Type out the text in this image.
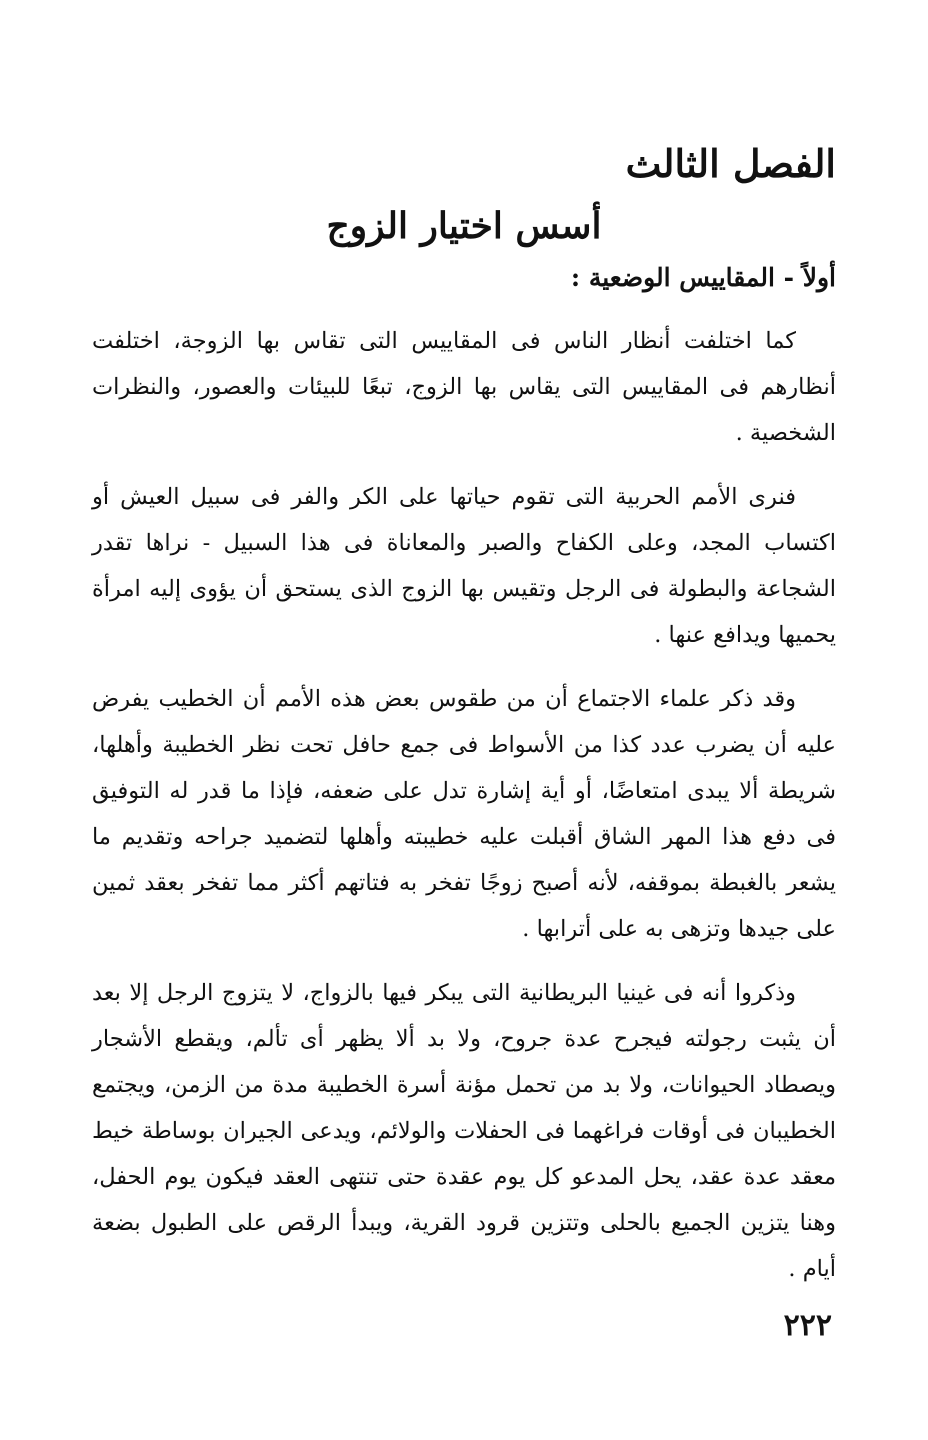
الفصل الثالث
أسس اختيار الزوج
أولاً - المقاييس الوضعية :

كما اختلفت أنظار الناس فى المقاييس التى تقاس بها الزوجة، اختلفت أنظارهم فى المقاييس التى يقاس بها الزوج، تبعًا للبيئات والعصور، والنظرات الشخصية .

فنرى الأمم الحربية التى تقوم حياتها على الكر والفر فى سبيل العيش أو اكتساب المجد، وعلى الكفاح والصبر والمعاناة فى هذا السبيل - نراها تقدر الشجاعة والبطولة فى الرجل وتقيس بها الزوج الذى يستحق أن يؤوى إليه امرأة يحميها ويدافع عنها .

وقد ذكر علماء الاجتماع أن من طقوس بعض هذه الأمم أن الخطيب يفرض عليه أن يضرب عدد كذا من الأسواط فى جمع حافل تحت نظر الخطيبة وأهلها، شريطة ألا يبدى امتعاضًا، أو أية إشارة تدل على ضعفه، فإذا ما قدر له التوفيق فى دفع هذا المهر الشاق أقبلت عليه خطيبته وأهلها لتضميد جراحه وتقديم ما يشعر بالغبطة بموقفه، لأنه أصبح زوجًا تفخر به فتاتهم أكثر مما تفخر بعقد ثمين على جيدها وتزهى به على أترابها .

وذكروا أنه فى غينيا البريطانية التى يبكر فيها بالزواج، لا يتزوج الرجل إلا بعد أن يثبت رجولته فيجرح عدة جروح، ولا بد ألا يظهر أى تألم، ويقطع الأشجار ويصطاد الحيوانات، ولا بد من تحمل مؤنة أسرة الخطيبة مدة من الزمن، ويجتمع الخطيبان فى أوقات فراغهما فى الحفلات والولائم، ويدعى الجيران بوساطة خيط معقد عدة عقد، يحل المدعو كل يوم عقدة حتى تنتهى العقد فيكون يوم الحفل، وهنا يتزين الجميع بالحلى وتتزين قرود القرية، ويبدأ الرقص على الطبول بضعة أيام .

٢٢٢
